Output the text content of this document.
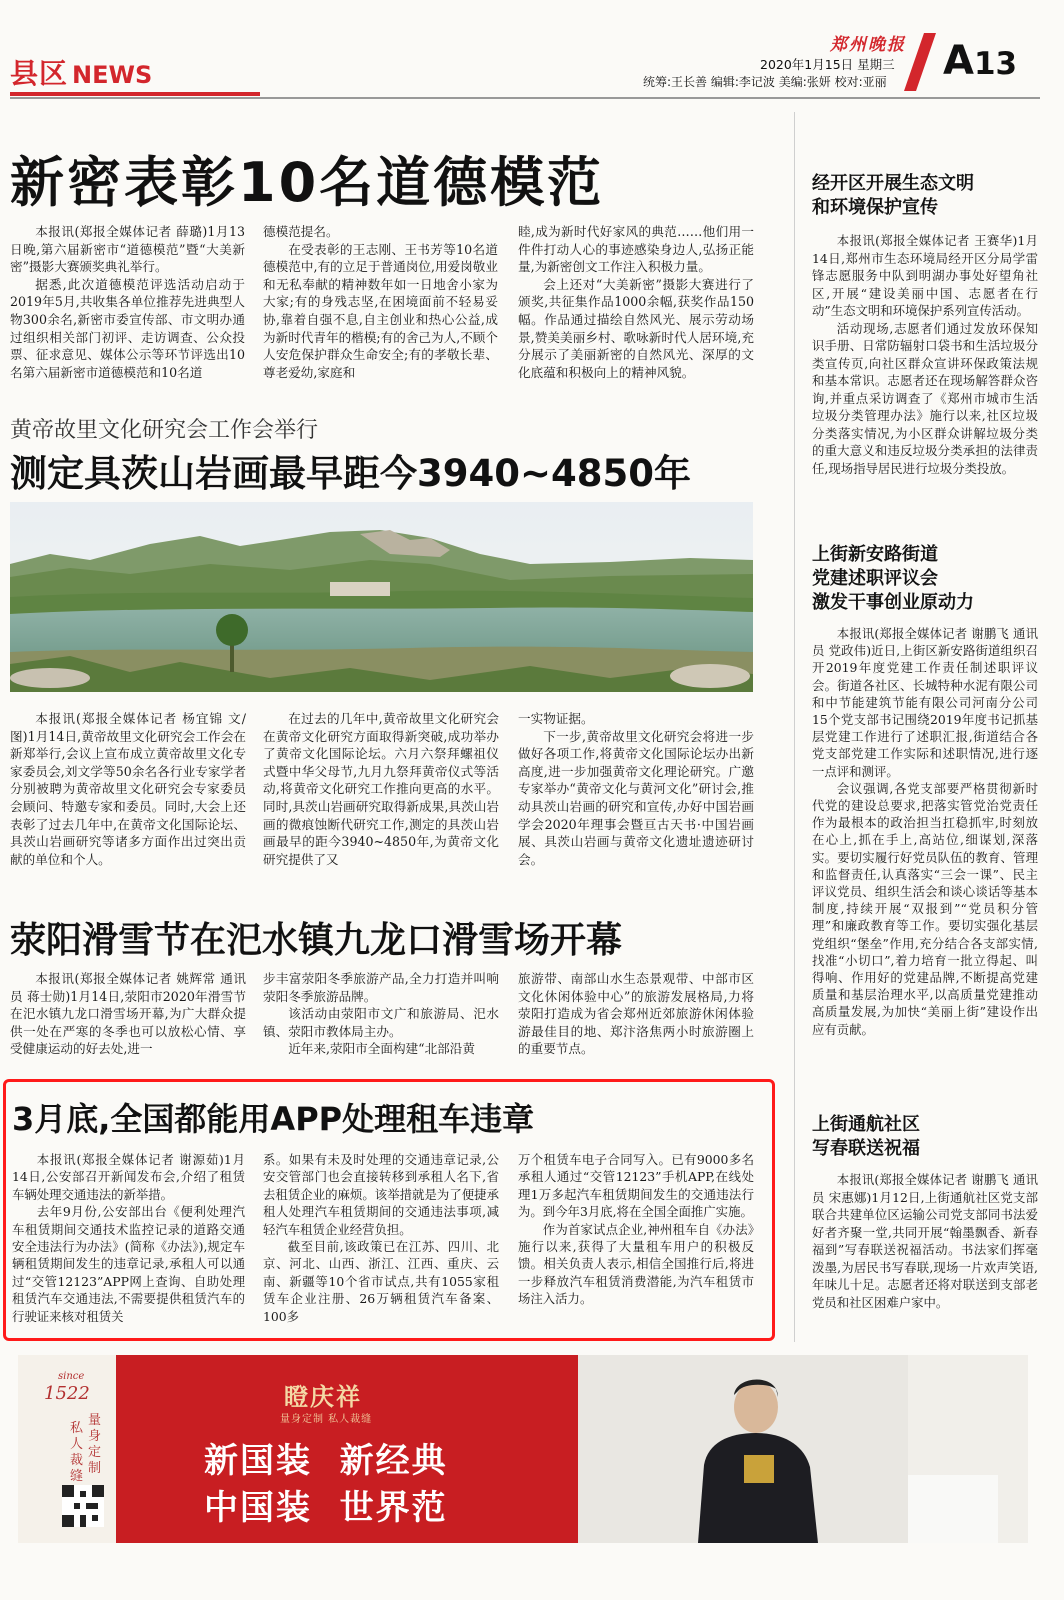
县区 NEWS
郑州晚报
2020年1月15日 星期三
统筹:王长善 编辑:李记波 美编:张妍 校对:亚丽 A13
新密表彰10名道德模范

本报讯(郑报全媒体记者 薛璐)1月13日晚,第六届新密市“道德模范”暨“大美新密”摄影大赛颁奖典礼举行。

据悉,此次道德模范评选活动启动于2019年5月,共收集各单位推荐先进典型人物300余名,新密市委宣传部、市文明办通过组织相关部门初评、走访调查、公众投票、征求意见、媒体公示等环节评选出10名第六届新密市道德模范和10名道

德模范提名。

在受表彰的王志刚、王书芳等10名道德模范中,有的立足于普通岗位,用爱岗敬业和无私奉献的精神数年如一日地舍小家为大家;有的身残志坚,在困境面前不轻易妥协,靠着自强不息,自主创业和热心公益,成为新时代青年的楷模;有的舍己为人,不顾个人安危保护群众生命安全;有的孝敬长辈、尊老爱幼,家庭和

睦,成为新时代好家风的典范……他们用一件件打动人心的事迹感染身边人,弘扬正能量,为新密创文工作注入积极力量。

会上还对“大美新密”摄影大赛进行了颁奖,共征集作品1000余幅,获奖作品150幅。作品通过描绘自然风光、展示劳动场景,赞美美丽乡村、歌咏新时代人居环境,充分展示了美丽新密的自然风光、深厚的文化底蕴和积极向上的精神风貌。

黄帝故里文化研究会工作会举行
测定具茨山岩画最早距今3940~4850年

本报讯(郑报全媒体记者 杨宜锦 文/图)1月14日,黄帝故里文化研究会工作会在新郑举行,会议上宣布成立黄帝故里文化专家委员会,刘文学等50余名各行业专家学者分别被聘为黄帝故里文化研究会专家委员会顾问、特邀专家和委员。同时,大会上还表彰了过去几年中,在黄帝文化国际论坛、具茨山岩画研究等诸多方面作出过突出贡献的单位和个人。

在过去的几年中,黄帝故里文化研究会在黄帝文化研究方面取得新突破,成功举办了黄帝文化国际论坛。六月六祭拜螺祖仪式暨中华父母节,九月九祭拜黄帝仪式等活动,将黄帝文化研究工作推向更高的水平。同时,具茨山岩画研究取得新成果,具茨山岩画的微痕蚀断代研究工作,测定的具茨山岩画最早的距今3940~4850年,为黄帝文化研究提供了又

一实物证据。

下一步,黄帝故里文化研究会将进一步做好各项工作,将黄帝文化国际论坛办出新高度,进一步加强黄帝文化理论研究。广邀专家举办“黄帝文化与黄河文化”研讨会,推动具茨山岩画的研究和宣传,办好中国岩画学会2020年理事会暨亘古天书·中国岩画展、具茨山岩画与黄帝文化遗址遗迹研讨会。

荥阳滑雪节在汜水镇九龙口滑雪场开幕

本报讯(郑报全媒体记者 姚辉常 通讯员 蒋士勋)1月14日,荥阳市2020年滑雪节在汜水镇九龙口滑雪场开幕,为广大群众提供一处在严寒的冬季也可以放松心情、享受健康运动的好去处,进一

步丰富荥阳冬季旅游产品,全力打造并叫响荥阳冬季旅游品牌。

该活动由荥阳市文广和旅游局、汜水镇、荥阳市教体局主办。

近年来,荥阳市全面构建“北部沿黄

旅游带、南部山水生态景观带、中部市区文化休闲体验中心”的旅游发展格局,力将荥阳打造成为省会郑州近郊旅游休闲体验游最佳目的地、郑汴洛焦两小时旅游圈上的重要节点。

3月底,全国都能用APP处理租车违章

本报讯(郑报全媒体记者 谢源茹)1月14日,公安部召开新闻发布会,介绍了租赁车辆处理交通违法的新举措。

去年9月份,公安部出台《便利处理汽车租赁期间交通技术监控记录的道路交通安全违法行为办法》(简称《办法》),规定车辆租赁期间发生的违章记录,承租人可以通过“交管12123”APP网上查询、自助处理租赁汽车交通违法,不需要提供租赁汽车的行驶证来核对租赁关

系。如果有未及时处理的交通违章记录,公安交管部门也会直接转移到承租人名下,省去租赁企业的麻烦。该举措就是为了便捷承租人处理汽车租赁期间的交通违法事项,减轻汽车租赁企业经营负担。

截至目前,该政策已在江苏、四川、北京、河北、山西、浙江、江西、重庆、云南、新疆等10个省市试点,共有1055家租赁车企业注册、26万辆租赁汽车备案、100多

万个租赁车电子合同写入。已有9000多名承租人通过“交管12123”手机APP,在线处理1万多起汽车租赁期间发生的交通违法行为。到今年3月底,将在全国全面推广实施。

作为首家试点企业,神州租车自《办法》施行以来,获得了大量租车用户的积极反馈。相关负责人表示,相信全国推行后,将进一步释放汽车租赁消费潜能,为汽车租赁市场注入活力。

经开区开展生态文明
和环境保护宣传

本报讯(郑报全媒体记者 王赛华)1月14日,郑州市生态环境局经开区分局学雷锋志愿服务中队到明湖办事处好望角社区,开展“建设美丽中国、志愿者在行动”生态文明和环境保护系列宣传活动。

活动现场,志愿者们通过发放环保知识手册、日常防辐射口袋书和生活垃圾分类宣传页,向社区群众宣讲环保政策法规和基本常识。志愿者还在现场解答群众咨询,并重点采访调查了《郑州市城市生活垃圾分类管理办法》施行以来,社区垃圾分类落实情况,为小区群众讲解垃圾分类的重大意义和违反垃圾分类承担的法律责任,现场指导居民进行垃圾分类投放。

上街新安路街道
党建述职评议会
激发干事创业原动力

本报讯(郑报全媒体记者 谢鹏飞 通讯员 党政伟)近日,上街区新安路街道组织召开2019年度党建工作责任制述职评议会。街道各社区、长城特种水泥有限公司和中节能建筑节能有限公司河南分公司15个党支部书记围绕2019年度书记抓基层党建工作进行了述职汇报,街道结合各党支部党建工作实际和述职情况,进行逐一点评和测评。

会议强调,各党支部要严格贯彻新时代党的建设总要求,把落实管党治党责任作为最根本的政治担当扛稳抓牢,时刻放在心上,抓在手上,高站位,细谋划,深落实。要切实履行好党员队伍的教育、管理和监督责任,认真落实“三会一课”、民主评议党员、组织生活会和谈心谈话等基本制度,持续开展“双报到”“党员积分管理”和廉政教育等工作。要切实强化基层党组织“堡垒”作用,充分结合各支部实情,找准“小切口”,着力培育一批立得起、叫得响、作用好的党建品牌,不断提高党建质量和基层治理水平,以高质量党建推动高质量发展,为加快“美丽上街”建设作出应有贡献。

上街通航社区
写春联送祝福

本报讯(郑报全媒体记者 谢鹏飞 通讯员 宋惠娜)1月12日,上街通航社区党支部联合共建单位区运输公司党支部同书法爱好者齐聚一堂,共同开展“翰墨飘香、新春福到”写春联送祝福活动。书法家们挥毫泼墨,为居民书写春联,现场一片欢声笑语,年味儿十足。志愿者还将对联送到支部老党员和社区困难户家中。

since
1522
量身定制
私人裁缝
瞪庆祥
量身定制 私人裁缝
新国装  新经典
中国装  世界范
